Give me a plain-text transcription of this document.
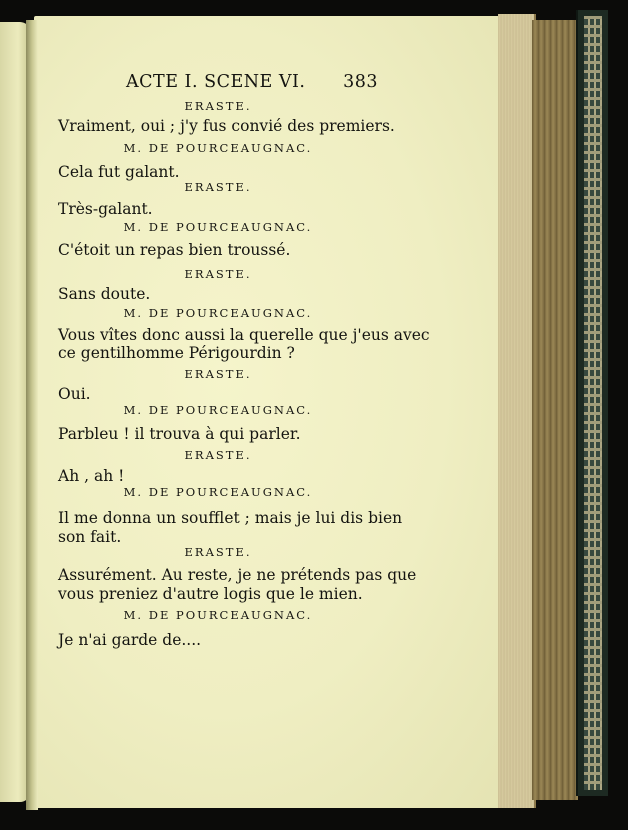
ACTE I. SCENE VI. 383
ERASTE.
Vraiment, oui ; j'y fus convié des premiers.
M. DE POURCEAUGNAC.
Cela fut galant.
ERASTE.
Très-galant.
M. DE POURCEAUGNAC.
C'étoit un repas bien troussé.
ERASTE.
Sans doute.
M. DE POURCEAUGNAC.
Vous vîtes donc aussi la querelle que j'eus avec
ce gentilhomme Périgourdin ?
ERASTE.
Oui.
M. DE POURCEAUGNAC.
Parbleu ! il trouva à qui parler.
ERASTE.
Ah , ah !
M. DE POURCEAUGNAC.
Il me donna un soufflet ; mais je lui dis bien
son fait.
ERASTE.
Assurément. Au reste, je ne prétends pas que
vous preniez d'autre logis que le mien.
M. DE POURCEAUGNAC.
Je n'ai garde de....
